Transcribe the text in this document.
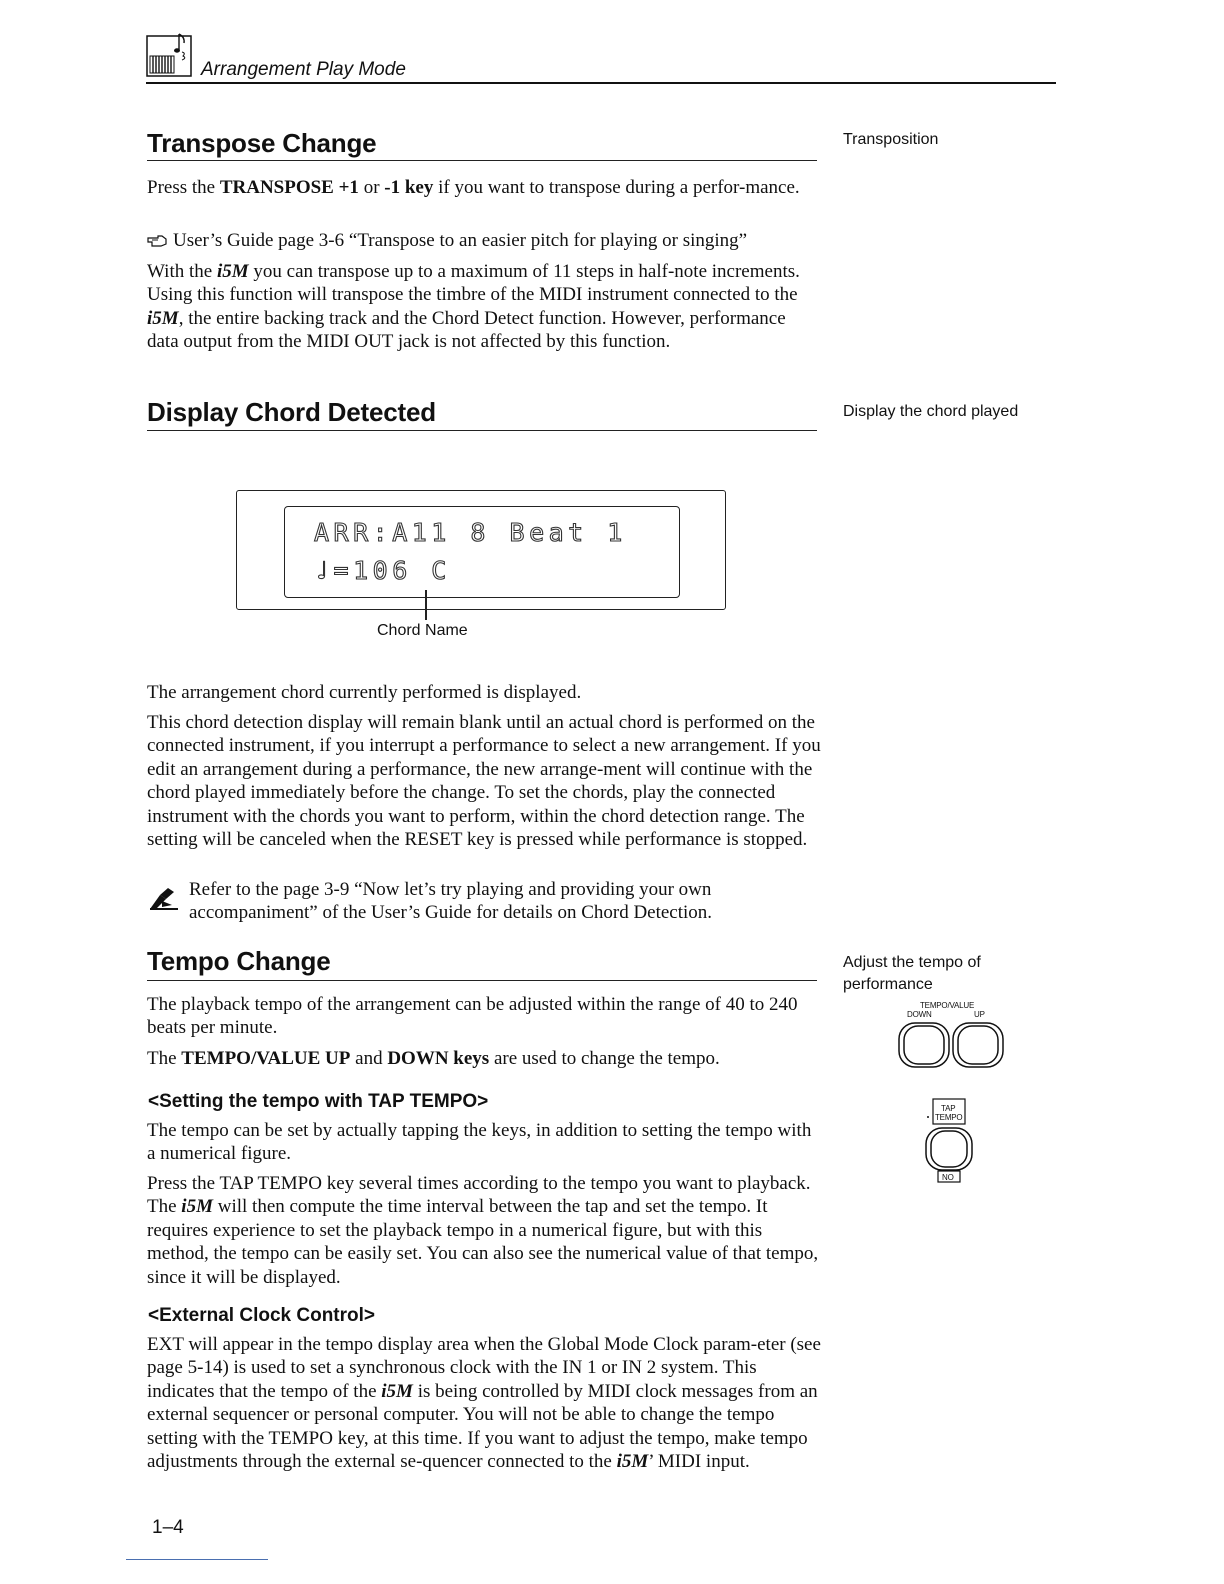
Arrangement Play Mode
Transpose Change	Transposition
Press the TRANSPOSE +1 or -1 key if you want to transpose during a perfor-mance.
User’s Guide page 3-6 “Transpose to an easier pitch for playing or singing”
With the i5M you can transpose up to a maximum of 11 steps in half-note increments. Using this function will transpose the timbre of the MIDI instrument connected to the i5M, the entire backing track and the Chord Detect function. However, performance data output from the MIDI OUT jack is not affected by this function.
Display Chord Detected	Display the chord played
ARR:A11 8 Beat 1
♩=106 C
Chord Name
The arrangement chord currently performed is displayed.
This chord detection display will remain blank until an actual chord is performed on the connected instrument, if you interrupt a performance to select a new arrangement. If you edit an arrangement during a performance, the new arrange-ment will continue with the chord played immediately before the change. To set the chords, play the connected instrument with the chords you want to perform, within the chord detection range. The setting will be canceled when the RESET key is pressed while performance is stopped.
Refer to the page 3-9 “Now let’s try playing and providing your own accompaniment” of the User’s Guide for details on Chord Detection.
Tempo Change	Adjust the tempo of
performance
TEMPO/VALUE
DOWN	UP
TAP
TEMPO
NO
The playback tempo of the arrangement can be adjusted within the range of 40 to 240 beats per minute.
The TEMPO/VALUE UP and DOWN keys are used to change the tempo.
<Setting the tempo with TAP TEMPO>
The tempo can be set by actually tapping the keys, in addition to setting the tempo with a numerical figure.
Press the TAP TEMPO key several times according to the tempo you want to playback. The i5M will then compute the time interval between the tap and set the tempo. It requires experience to set the playback tempo in a numerical figure, but with this method, the tempo can be easily set. You can also see the numerical value of that tempo, since it will be displayed.
<External Clock Control>
EXT will appear in the tempo display area when the Global Mode Clock param-eter (see page 5-14) is used to set a synchronous clock with the IN 1 or IN 2 system. This indicates that the tempo of the i5M is being controlled by MIDI clock messages from an external sequencer or personal computer. You will not be able to change the tempo setting with the TEMPO key, at this time. If you want to adjust the tempo, make tempo adjustments through the external se-quencer connected to the i5M’ MIDI input.
1–4
